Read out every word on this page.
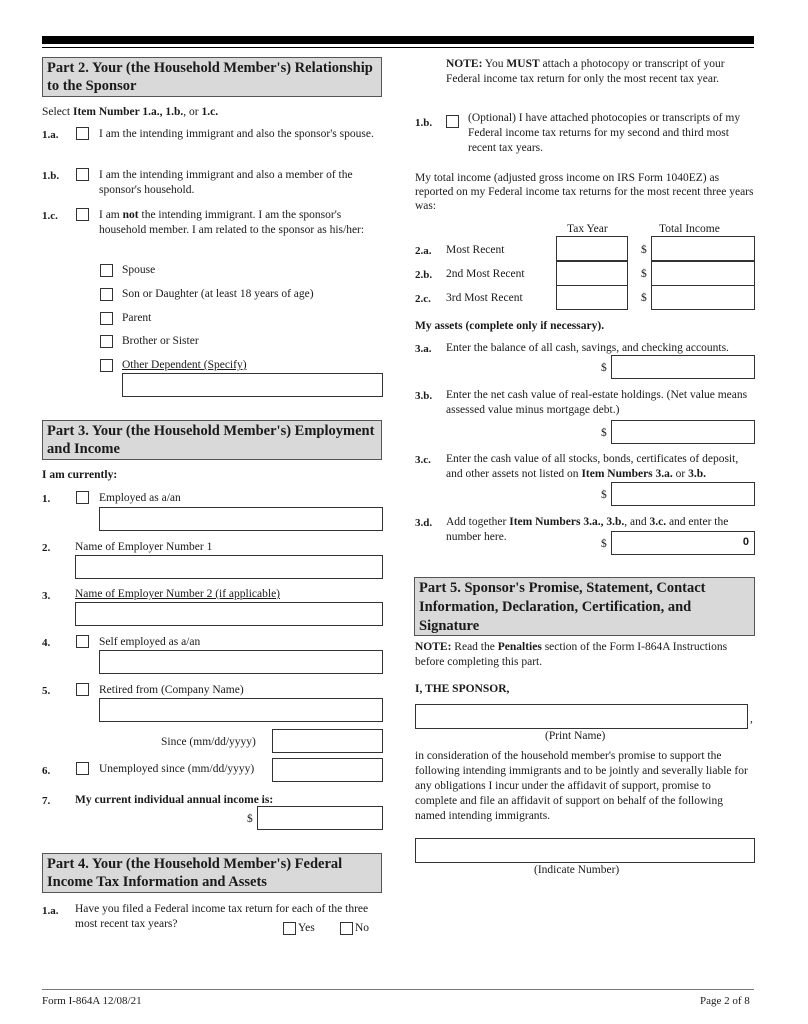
Part 2. Your (the Household Member's) Relationship to the Sponsor
Select Item Number 1.a., 1.b., or 1.c.
1.a.	I am the intending immigrant and also the sponsor's spouse.
1.b.	I am the intending immigrant and also a member of the sponsor's household.
1.c.	I am not the intending immigrant. I am the sponsor's household member. I am related to the sponsor as his/her:
Spouse
Son or Daughter (at least 18 years of age)
Parent
Brother or Sister
Other Dependent (Specify)
Part 3. Your (the Household Member's) Employment and Income
I am currently:
1.	Employed as a/an
2. Name of Employer Number 1
3. Name of Employer Number 2 (if applicable)
4.	Self employed as a/an
5.	Retired from (Company Name)
Since (mm/dd/yyyy)
6.	Unemployed since (mm/dd/yyyy)
7. My current individual annual income is:
$
Part 4. Your (the Household Member's) Federal Income Tax Information and Assets
1.a. Have you filed a Federal income tax return for each of the three most recent tax years?	Yes	No
NOTE: You MUST attach a photocopy or transcript of your Federal income tax return for only the most recent tax year.
1.b.	(Optional) I have attached photocopies or transcripts of my Federal income tax returns for my second and third most recent tax years.
My total income (adjusted gross income on IRS Form 1040EZ) as reported on my Federal income tax returns for the most recent three years was:
Tax Year	Total Income
2.a. Most Recent	$
2.b. 2nd Most Recent	$
2.c. 3rd Most Recent	$
My assets (complete only if necessary).
3.a. Enter the balance of all cash, savings, and checking accounts.
$
3.b. Enter the net cash value of real-estate holdings. (Net value means assessed value minus mortgage debt.)
$
3.c. Enter the cash value of all stocks, bonds, certificates of deposit, and other assets not listed on Item Numbers 3.a. or 3.b.
$
3.d. Add together Item Numbers 3.a., 3.b., and 3.c. and enter the number here.
$	0
Part 5. Sponsor's Promise, Statement, Contact Information, Declaration, Certification, and Signature
NOTE: Read the Penalties section of the Form I-864A Instructions before completing this part.
I, THE SPONSOR,
,
(Print Name)
in consideration of the household member's promise to support the following intending immigrants and to be jointly and severally liable for any obligations I incur under the affidavit of support, promise to complete and file an affidavit of support on behalf of the following named intending immigrants.
(Indicate Number)
Form I-864A 12/08/21	Page 2 of 8
